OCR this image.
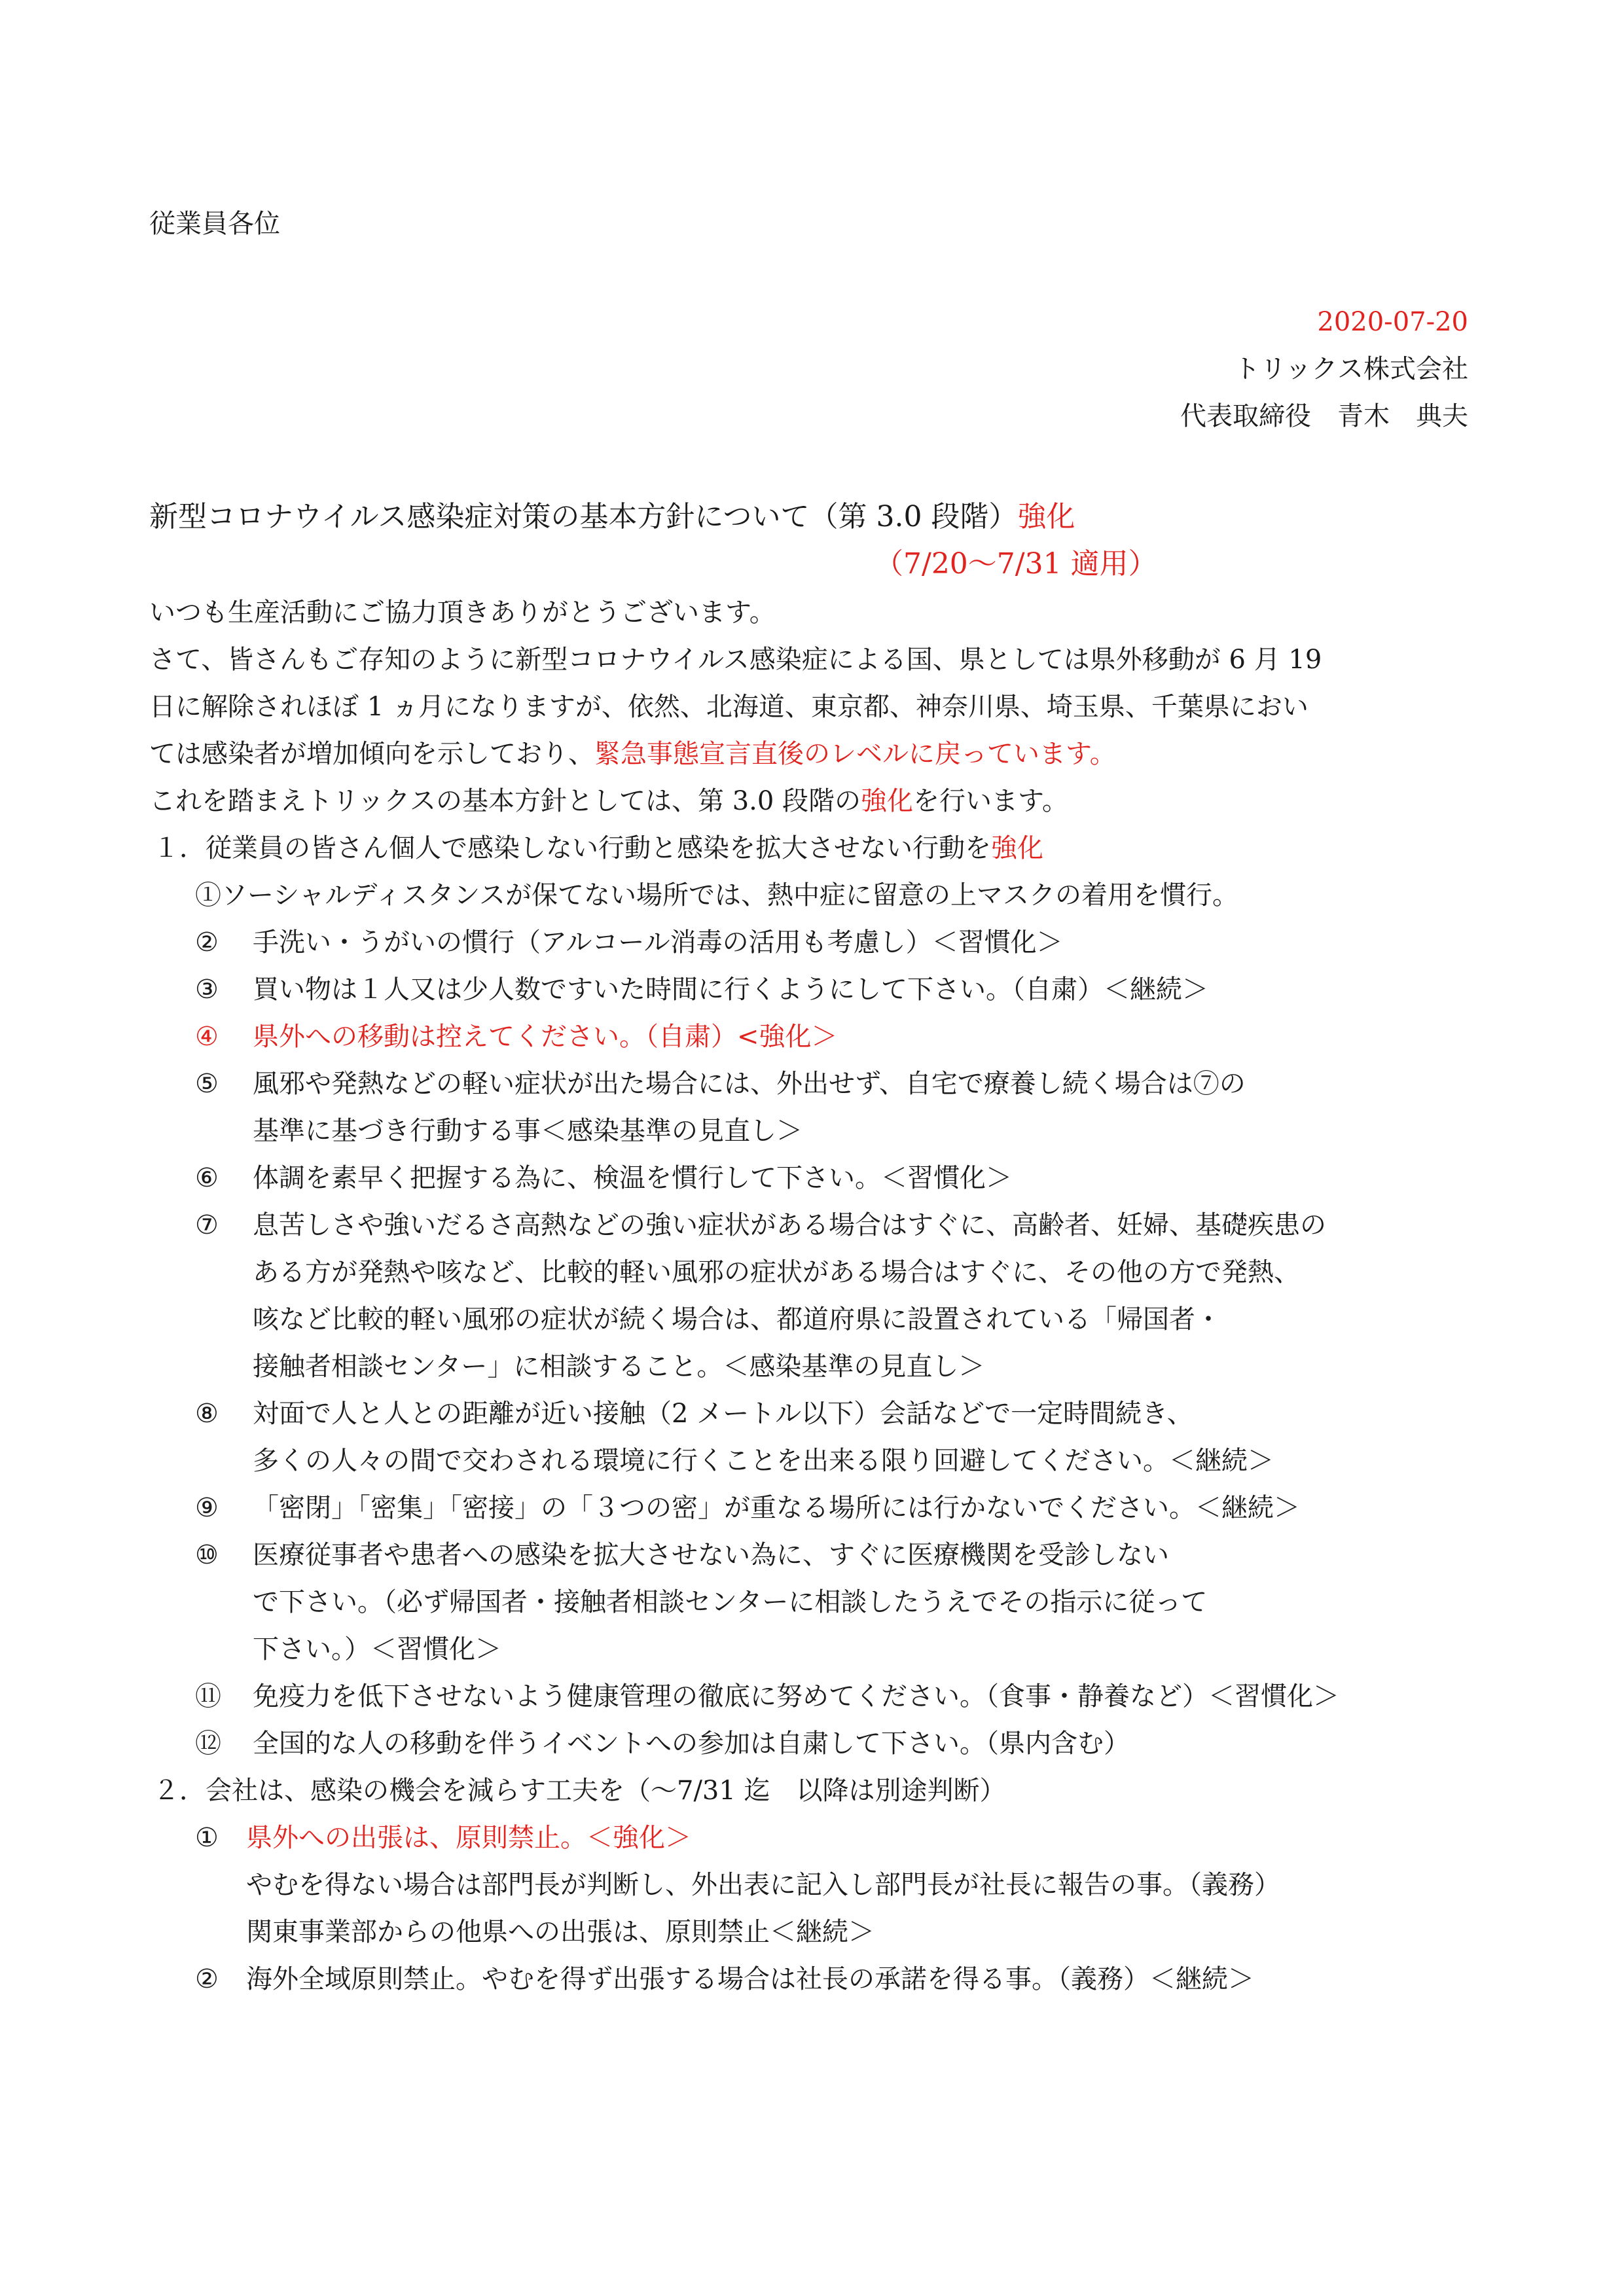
従業員各位
2020-07-20
トリックス株式会社
代表取締役　青木　典夫
新型コロナウイルス感染症対策の基本方針について（第 3.0 段階）強化
（7/20～7/31 適用）
いつも生産活動にご協力頂きありがとうございます。
さて、皆さんもご存知のように新型コロナウイルス感染症による国、県としては県外移動が 6 月 19
日に解除されほぼ 1 ヵ月になりますが、依然、北海道、東京都、神奈川県、埼玉県、千葉県におい
ては感染者が増加傾向を示しており、緊急事態宣言直後のレベルに戻っています。
これを踏まえトリックスの基本方針としては、第 3.0 段階の強化を行います。
１．従業員の皆さん個人で感染しない行動と感染を拡大させない行動を強化
①ソーシャルディスタンスが保てない場所では、熱中症に留意の上マスクの着用を慣行。
② 手洗い・うがいの慣行（アルコール消毒の活用も考慮し）＜習慣化＞
③ 買い物は１人又は少人数ですいた時間に行くようにして下さい。（自粛）＜継続＞
④ 県外への移動は控えてください。（自粛）<強化＞
⑤ 風邪や発熱などの軽い症状が出た場合には、外出せず、自宅で療養し続く場合は⑦の
基準に基づき行動する事＜感染基準の見直し＞
⑥ 体調を素早く把握する為に、検温を慣行して下さい。＜習慣化＞
⑦ 息苦しさや強いだるさ高熱などの強い症状がある場合はすぐに、高齢者、妊婦、基礎疾患の
ある方が発熱や咳など、比較的軽い風邪の症状がある場合はすぐに、その他の方で発熱、
咳など比較的軽い風邪の症状が続く場合は、都道府県に設置されている「帰国者・
接触者相談センター」に相談すること。＜感染基準の見直し＞
⑧ 対面で人と人との距離が近い接触（2 メートル以下）会話などで一定時間続き、
多くの人々の間で交わされる環境に行くことを出来る限り回避してください。＜継続＞
⑨ 「密閉」「密集」「密接」の「３つの密」が重なる場所には行かないでください。＜継続＞
⑩ 医療従事者や患者への感染を拡大させない為に、すぐに医療機関を受診しない
で下さい。（必ず帰国者・接触者相談センターに相談したうえでその指示に従って
下さい。）＜習慣化＞
⑪ 免疫力を低下させないよう健康管理の徹底に努めてください。（食事・静養など）＜習慣化＞
⑫ 全国的な人の移動を伴うイベントへの参加は自粛して下さい。（県内含む）
２．会社は、感染の機会を減らす工夫を（～7/31 迄　以降は別途判断）
① 県外への出張は、原則禁止。＜強化＞
やむを得ない場合は部門長が判断し、外出表に記入し部門長が社長に報告の事。（義務）
関東事業部からの他県への出張は、原則禁止＜継続＞
② 海外全域原則禁止。やむを得ず出張する場合は社長の承諾を得る事。（義務）＜継続＞
